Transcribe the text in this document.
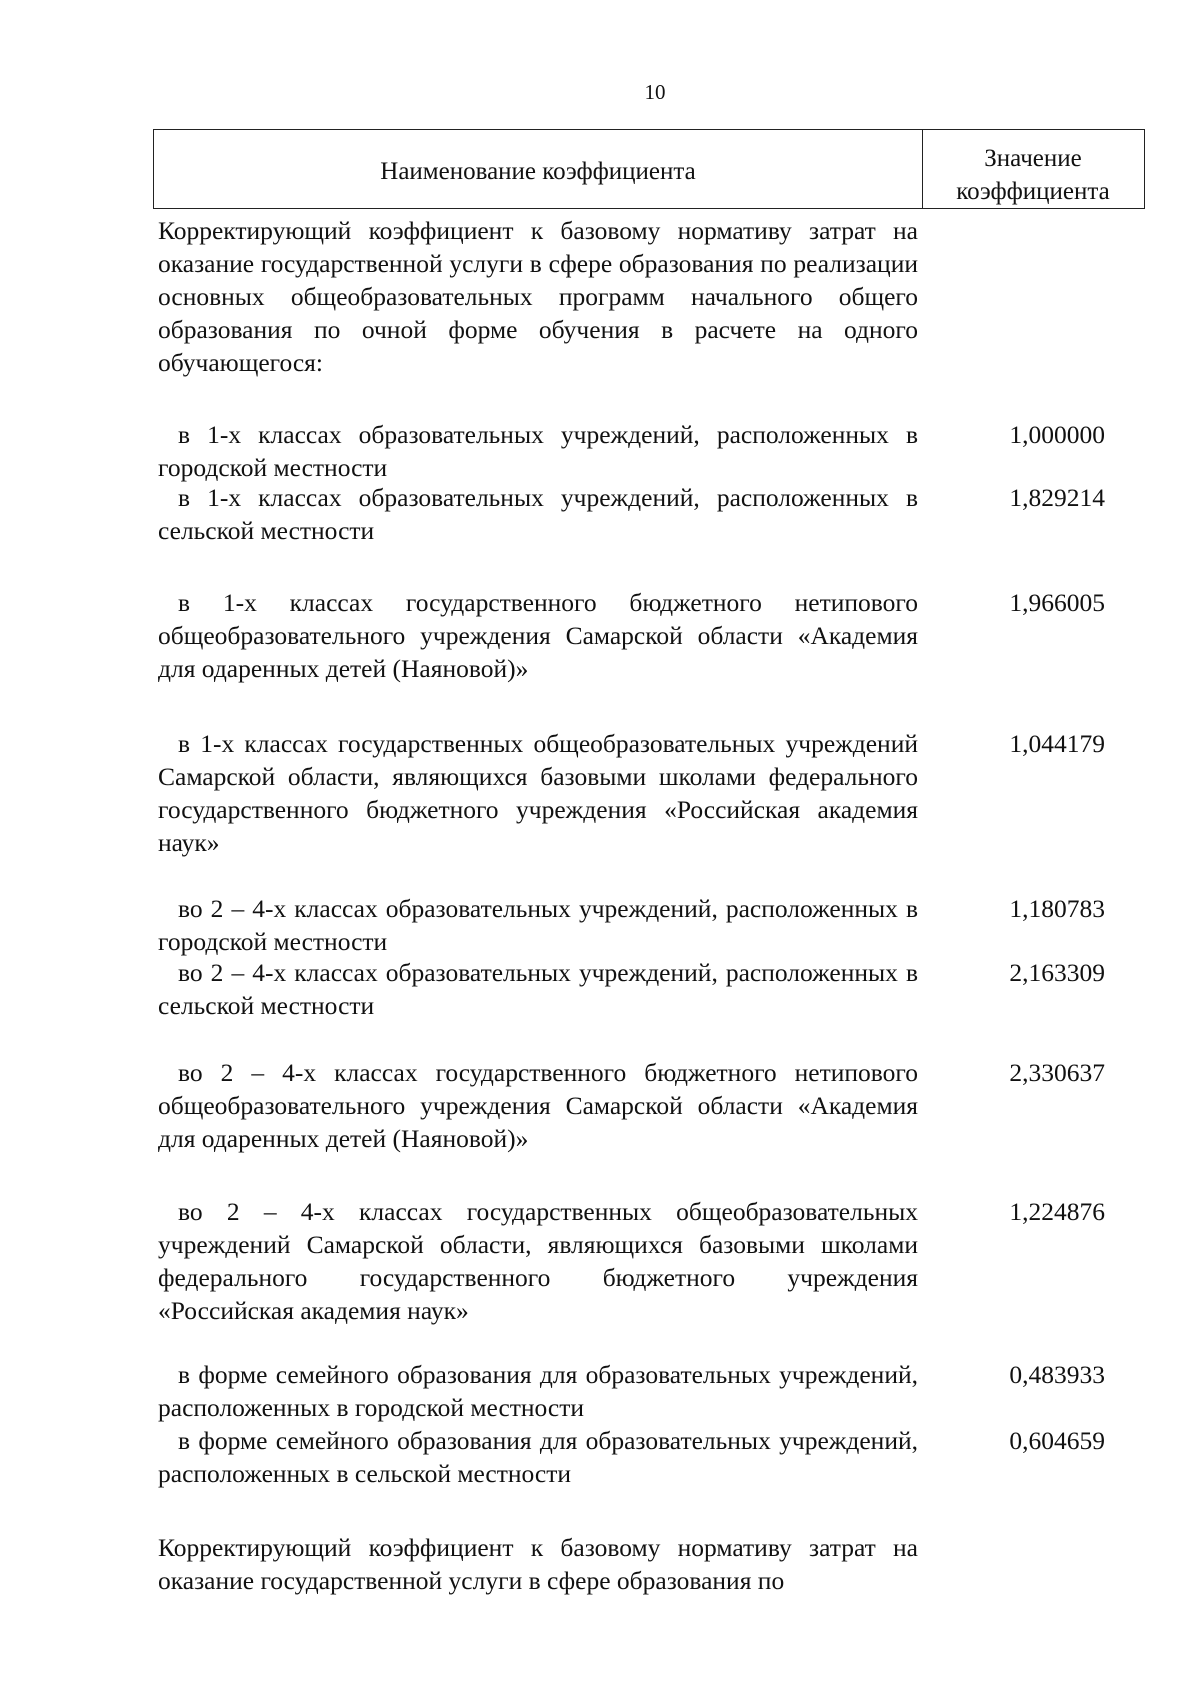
10
Наименование коэффициента	Значение
коэффициента
Корректирующий коэффициент к базовому нормативу затрат на оказание государственной услуги в сфере образования по реализации основных общеобразовательных программ начального общего образования по очной форме обучения в расчете на одного обучающегося:
в 1-х классах образовательных учреждений, расположенных в городской местности
1,000000
в 1-х классах образовательных учреждений, расположенных в сельской местности
1,829214
в 1-х классах государственного бюджетного нетипового общеобразовательного учреждения Самарской области «Академия для одаренных детей (Наяновой)»
1,966005
в 1-х классах государственных общеобразовательных учреждений Самарской области, являющихся базовыми школами федерального государственного бюджетного учреждения «Российская академия наук»
1,044179
во 2 – 4-х классах образовательных учреждений, расположенных в городской местности
1,180783
во 2 – 4-х классах образовательных учреждений, расположенных в сельской местности
2,163309
во 2 – 4-х классах государственного бюджетного нетипового общеобразовательного учреждения Самарской области «Академия для одаренных детей (Наяновой)»
2,330637
во 2 – 4-х классах государственных общеобразовательных учреждений Самарской области, являющихся базовыми школами федерального государственного бюджетного учреждения «Российская академия наук»
1,224876
в форме семейного образования для образовательных учреждений, расположенных в городской местности
0,483933
в форме семейного образования для образовательных учреждений, расположенных в сельской местности
0,604659
Корректирующий коэффициент к базовому нормативу затрат на оказание государственной услуги в сфере образования по
